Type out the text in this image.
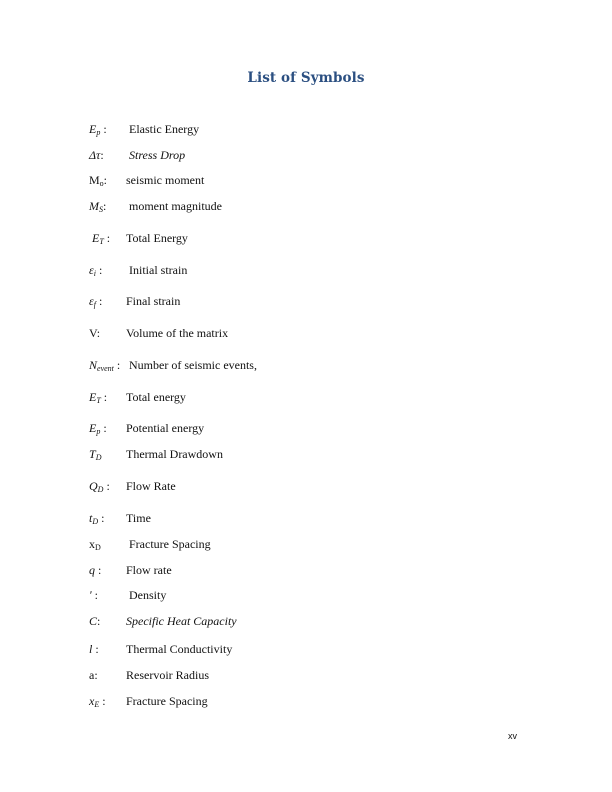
List of Symbols
$E_p$ : Elastic Energy
Δτ: Stress Drop
$M_o$: seismic moment
$M_S$: moment magnitude
$E_T$ : Total Energy
$\varepsilon_i$ : Initial strain
$\varepsilon_f$ : Final strain
V: Volume of the matrix
$N_{event}$ : Number of seismic events,
$E_T$ : Total energy
$E_p$ : Potential energy
$T_D$ Thermal Drawdown
$Q_D$ : Flow Rate
$t_D$ : Time
$x_D$ Fracture Spacing
q : Flow rate
ʹ :	Density
C: Specific Heat Capacity
l : Thermal Conductivity
a: Reservoir Radius
$x_E$ : Fracture Spacing
xv
